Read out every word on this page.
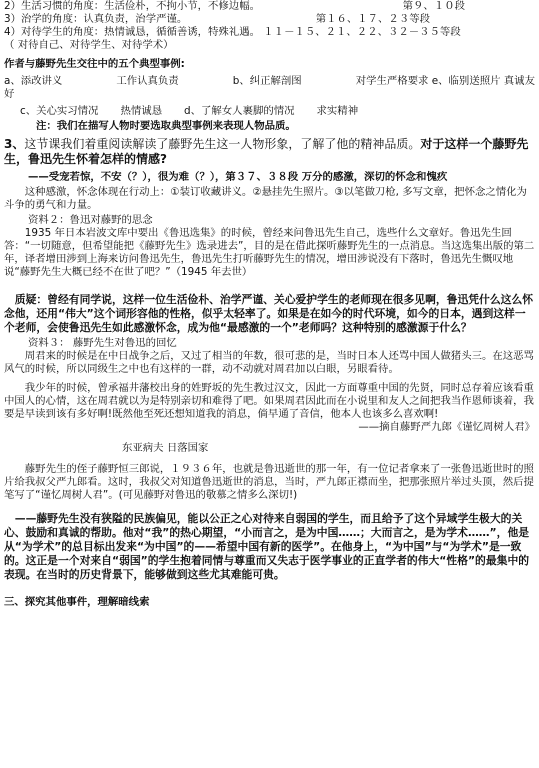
2）生活习惯的角度：生活俭朴，不拘小节，不修边幅。	第９、１０段
3）治学的角度：认真负责，治学严谨。	第１６、１７、２３等段

4）对待学生的角度：热情诚恳，循循善诱，特殊礼遇。 １１－１５、２１、２２、３２－３５等段

（ 对待自己、对待学生、对待学术）

作者与藤野先生交往中的五个典型事例:

a、添改讲义	工作认真负责	b、纠正解剖图	对学生严格要求 e、临别送照片 真诚友

好

c、关心实习情况 热情诚恳 d、了解女人裹脚的情况 求实精神

注：我们在描写人物时要选取典型事例来表现人物品质。

3、这节课我们着重阅读解读了藤野先生这一人物形象，了解了他的精神品质。对于这样一个藤野先生，鲁迅先生怀着怎样的情感?

——受宠若惊，不安（？），很为难（？），第３７、３８段 万分的感激，深切的怀念和愧疚

这种感激，怀念体现在行动上：①装订收藏讲义。②悬挂先生照片。③以笔做刀枪, 多写文章，把怀念之情化为斗争的勇气和力量。

资料２：鲁迅对藤野的思念

1935 年日本岩波文库中要出《鲁迅选集》的时候，曾经来问鲁迅先生自己，选些什么文章好。鲁迅先生回答：“一切随意，但希望能把《藤野先生》选录进去”，目的是在借此探听藤野先生的一点消息。当这选集出版的第二年，译者增田涉到上海来访问鲁迅先生，鲁迅先生打听藤野先生的情况，增田涉说没有下落时，鲁迅先生慨叹地说“藤野先生大概已经不在世了吧？”（1945 年去世）

质疑：曾经有同学说，这样一位生活俭朴、治学严谨、关心爱护学生的老师现在很多见啊，鲁迅凭什么这么怀念他，还用“伟大”这个词形容他的性格，似乎太轻率了。如果是在如今的时代环境，如今的日本，遇到这样一个老师，会使鲁迅先生如此感激怀念，成为他“最感激的一个”老师吗？这种特别的感激源于什么？

资料３： 藤野先生对鲁迅的回忆

周君来的时候是在中日战争之后，又过了相当的年数，很可悲的是，当时日本人还骂中国人做猪头三。在这恶骂风气的时候，所以同级生之中也有这样的一群，动不动就对周君加以白眼，另眼看待。

我少年的时候，曾承福井藩校出身的姓野坂的先生教过汉文，因此一方面尊重中国的先贤，同时总存着应该看重中国人的心情，这在周君就以为是特别亲切和难得了吧。如果周君因此而在小说里和友人之间把我当作恩师谈着，我要是早读到该有多好啊!既然他至死还想知道我的消息，倘早通了音信，他本人也该多么喜欢啊!

——摘自藤野严九郎《谨忆周树人君》

东亚病夫 日落国家

藤野先生的侄子藤野恒三郎说，１９３６年，也就是鲁迅逝世的那一年，有一位记者拿来了一张鲁迅逝世时的照片给我叔父严九郎看。这时，我叔父对知道鲁迅逝世的消息，当时，严九郎正襟而坐，把那张照片举过头顶，然后提笔写了“谨忆周树人君”。(可见藤野对鲁迅的敬慕之情多么深切!)

——藤野先生没有狭隘的民族偏见，能以公正之心对待来自弱国的学生，而且给予了这个异域学生极大的关心、鼓励和真诚的帮助。他对“我”的热心期望，“小而言之，是为中国……；大而言之，是为学术……”，他是从“为学术”的总目标出发来“为中国”的——希望中国有新的医学”。在他身上，“为中国”与“为学术”是一致的。这正是一个对来自“弱国”的学生抱着同情与尊重而又失志于医学事业的正直学者的伟大“性格”的最集中的表现。在当时的历史背景下，能够做到这些尤其难能可贵。

三、探究其他事件，理解暗线索
